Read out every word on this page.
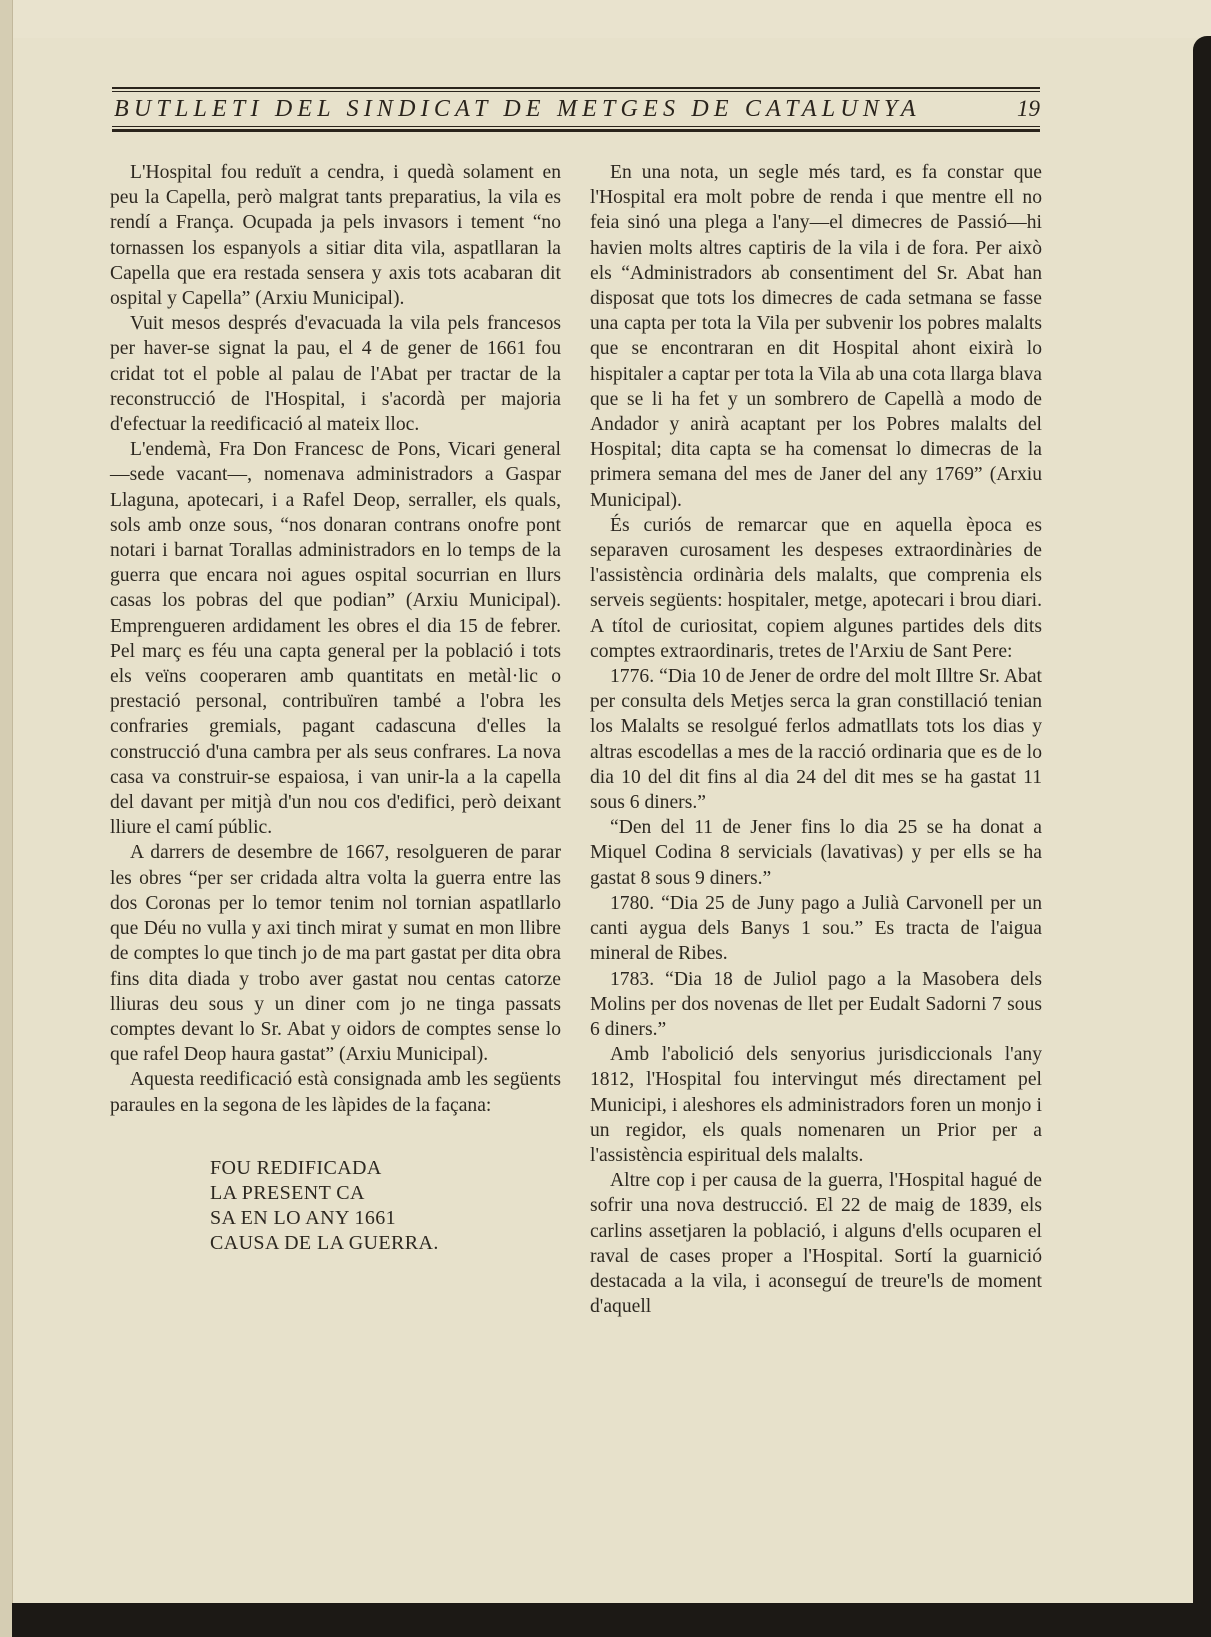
BUTLLETI DEL SINDICAT DE METGES DE CATALUNYA	19

L'Hospital fou reduït a cendra, i quedà solament en peu la Capella, però malgrat tants preparatius, la vila es rendí a França. Ocupada ja pels invasors i tement “no tornassen los espanyols a sitiar dita vila, aspatllaran la Capella que era restada sensera y axis tots acabaran dit ospital y Capella” (Arxiu Municipal).

Vuit mesos després d'evacuada la vila pels francesos per haver-se signat la pau, el 4 de gener de 1661 fou cridat tot el poble al palau de l'Abat per tractar de la reconstrucció de l'Hospital, i s'acordà per majoria d'efectuar la reedificació al mateix lloc.

L'endemà, Fra Don Francesc de Pons, Vicari general—sede vacant—, nomenava administradors a Gaspar Llaguna, apotecari, i a Rafel Deop, serraller, els quals, sols amb onze sous, “nos donaran contrans onofre pont notari i barnat Torallas administradors en lo temps de la guerra que encara noi agues ospital socurrian en llurs casas los pobras del que podian” (Arxiu Municipal). Emprengueren ardidament les obres el dia 15 de febrer. Pel març es féu una capta general per la població i tots els veïns cooperaren amb quantitats en metàl·lic o prestació personal, contribuïren també a l'obra les confraries gremials, pagant cadascuna d'elles la construcció d'una cambra per als seus confrares. La nova casa va construir-se espaiosa, i van unir-la a la capella del davant per mitjà d'un nou cos d'edifici, però deixant lliure el camí públic.

A darrers de desembre de 1667, resolgueren de parar les obres “per ser cridada altra volta la guerra entre las dos Coronas per lo temor tenim nol tornian aspatllarlo que Déu no vulla y axi tinch mirat y sumat en mon llibre de comptes lo que tinch jo de ma part gastat per dita obra fins dita diada y trobo aver gastat nou centas catorze lliuras deu sous y un diner com jo ne tinga passats comptes devant lo Sr. Abat y oidors de comptes sense lo que rafel Deop haura gastat” (Arxiu Municipal).

Aquesta reedificació està consignada amb les següents paraules en la segona de les làpides de la façana:

FOU REDIFICADA
LA PRESENT CA
SA EN LO ANY 1661
CAUSA DE LA GUERRA.

En una nota, un segle més tard, es fa constar que l'Hospital era molt pobre de renda i que mentre ell no feia sinó una plega a l'any—el dimecres de Passió—hi havien molts altres captiris de la vila i de fora. Per això els “Administradors ab consentiment del Sr. Abat han disposat que tots los dimecres de cada setmana se fasse una capta per tota la Vila per subvenir los pobres malalts que se encontraran en dit Hospital ahont eixirà lo hispitaler a captar per tota la Vila ab una cota llarga blava que se li ha fet y un sombrero de Capellà a modo de Andador y anirà acaptant per los Pobres malalts del Hospital; dita capta se ha comensat lo dimecras de la primera semana del mes de Janer del any 1769” (Arxiu Municipal).

És curiós de remarcar que en aquella època es separaven curosament les despeses extraordinàries de l'assistència ordinària dels malalts, que comprenia els serveis següents: hospitaler, metge, apotecari i brou diari. A títol de curiositat, copiem algunes partides dels dits comptes extraordinaris, tretes de l'Arxiu de Sant Pere:

1776. “Dia 10 de Jener de ordre del molt Illtre Sr. Abat per consulta dels Metjes serca la gran constillació tenian los Malalts se resolgué ferlos admatllats tots los dias y altras escodellas a mes de la racció ordinaria que es de lo dia 10 del dit fins al dia 24 del dit mes se ha gastat 11 sous 6 diners.”

“Den del 11 de Jener fins lo dia 25 se ha donat a Miquel Codina 8 servicials (lavativas) y per ells se ha gastat 8 sous 9 diners.”

1780. “Dia 25 de Juny pago a Julià Carvonell per un canti aygua dels Banys 1 sou.” Es tracta de l'aigua mineral de Ribes.

1783. “Dia 18 de Juliol pago a la Masobera dels Molins per dos novenas de llet per Eudalt Sadorni 7 sous 6 diners.”

Amb l'abolició dels senyorius jurisdiccionals l'any 1812, l'Hospital fou intervingut més directament pel Municipi, i aleshores els administradors foren un monjo i un regidor, els quals nomenaren un Prior per a l'assistència espiritual dels malalts.

Altre cop i per causa de la guerra, l'Hospital hagué de sofrir una nova destrucció. El 22 de maig de 1839, els carlins assetjaren la població, i alguns d'ells ocuparen el raval de cases proper a l'Hospital. Sortí la guarnició destacada a la vila, i aconseguí de treure'ls de moment d'aquell
